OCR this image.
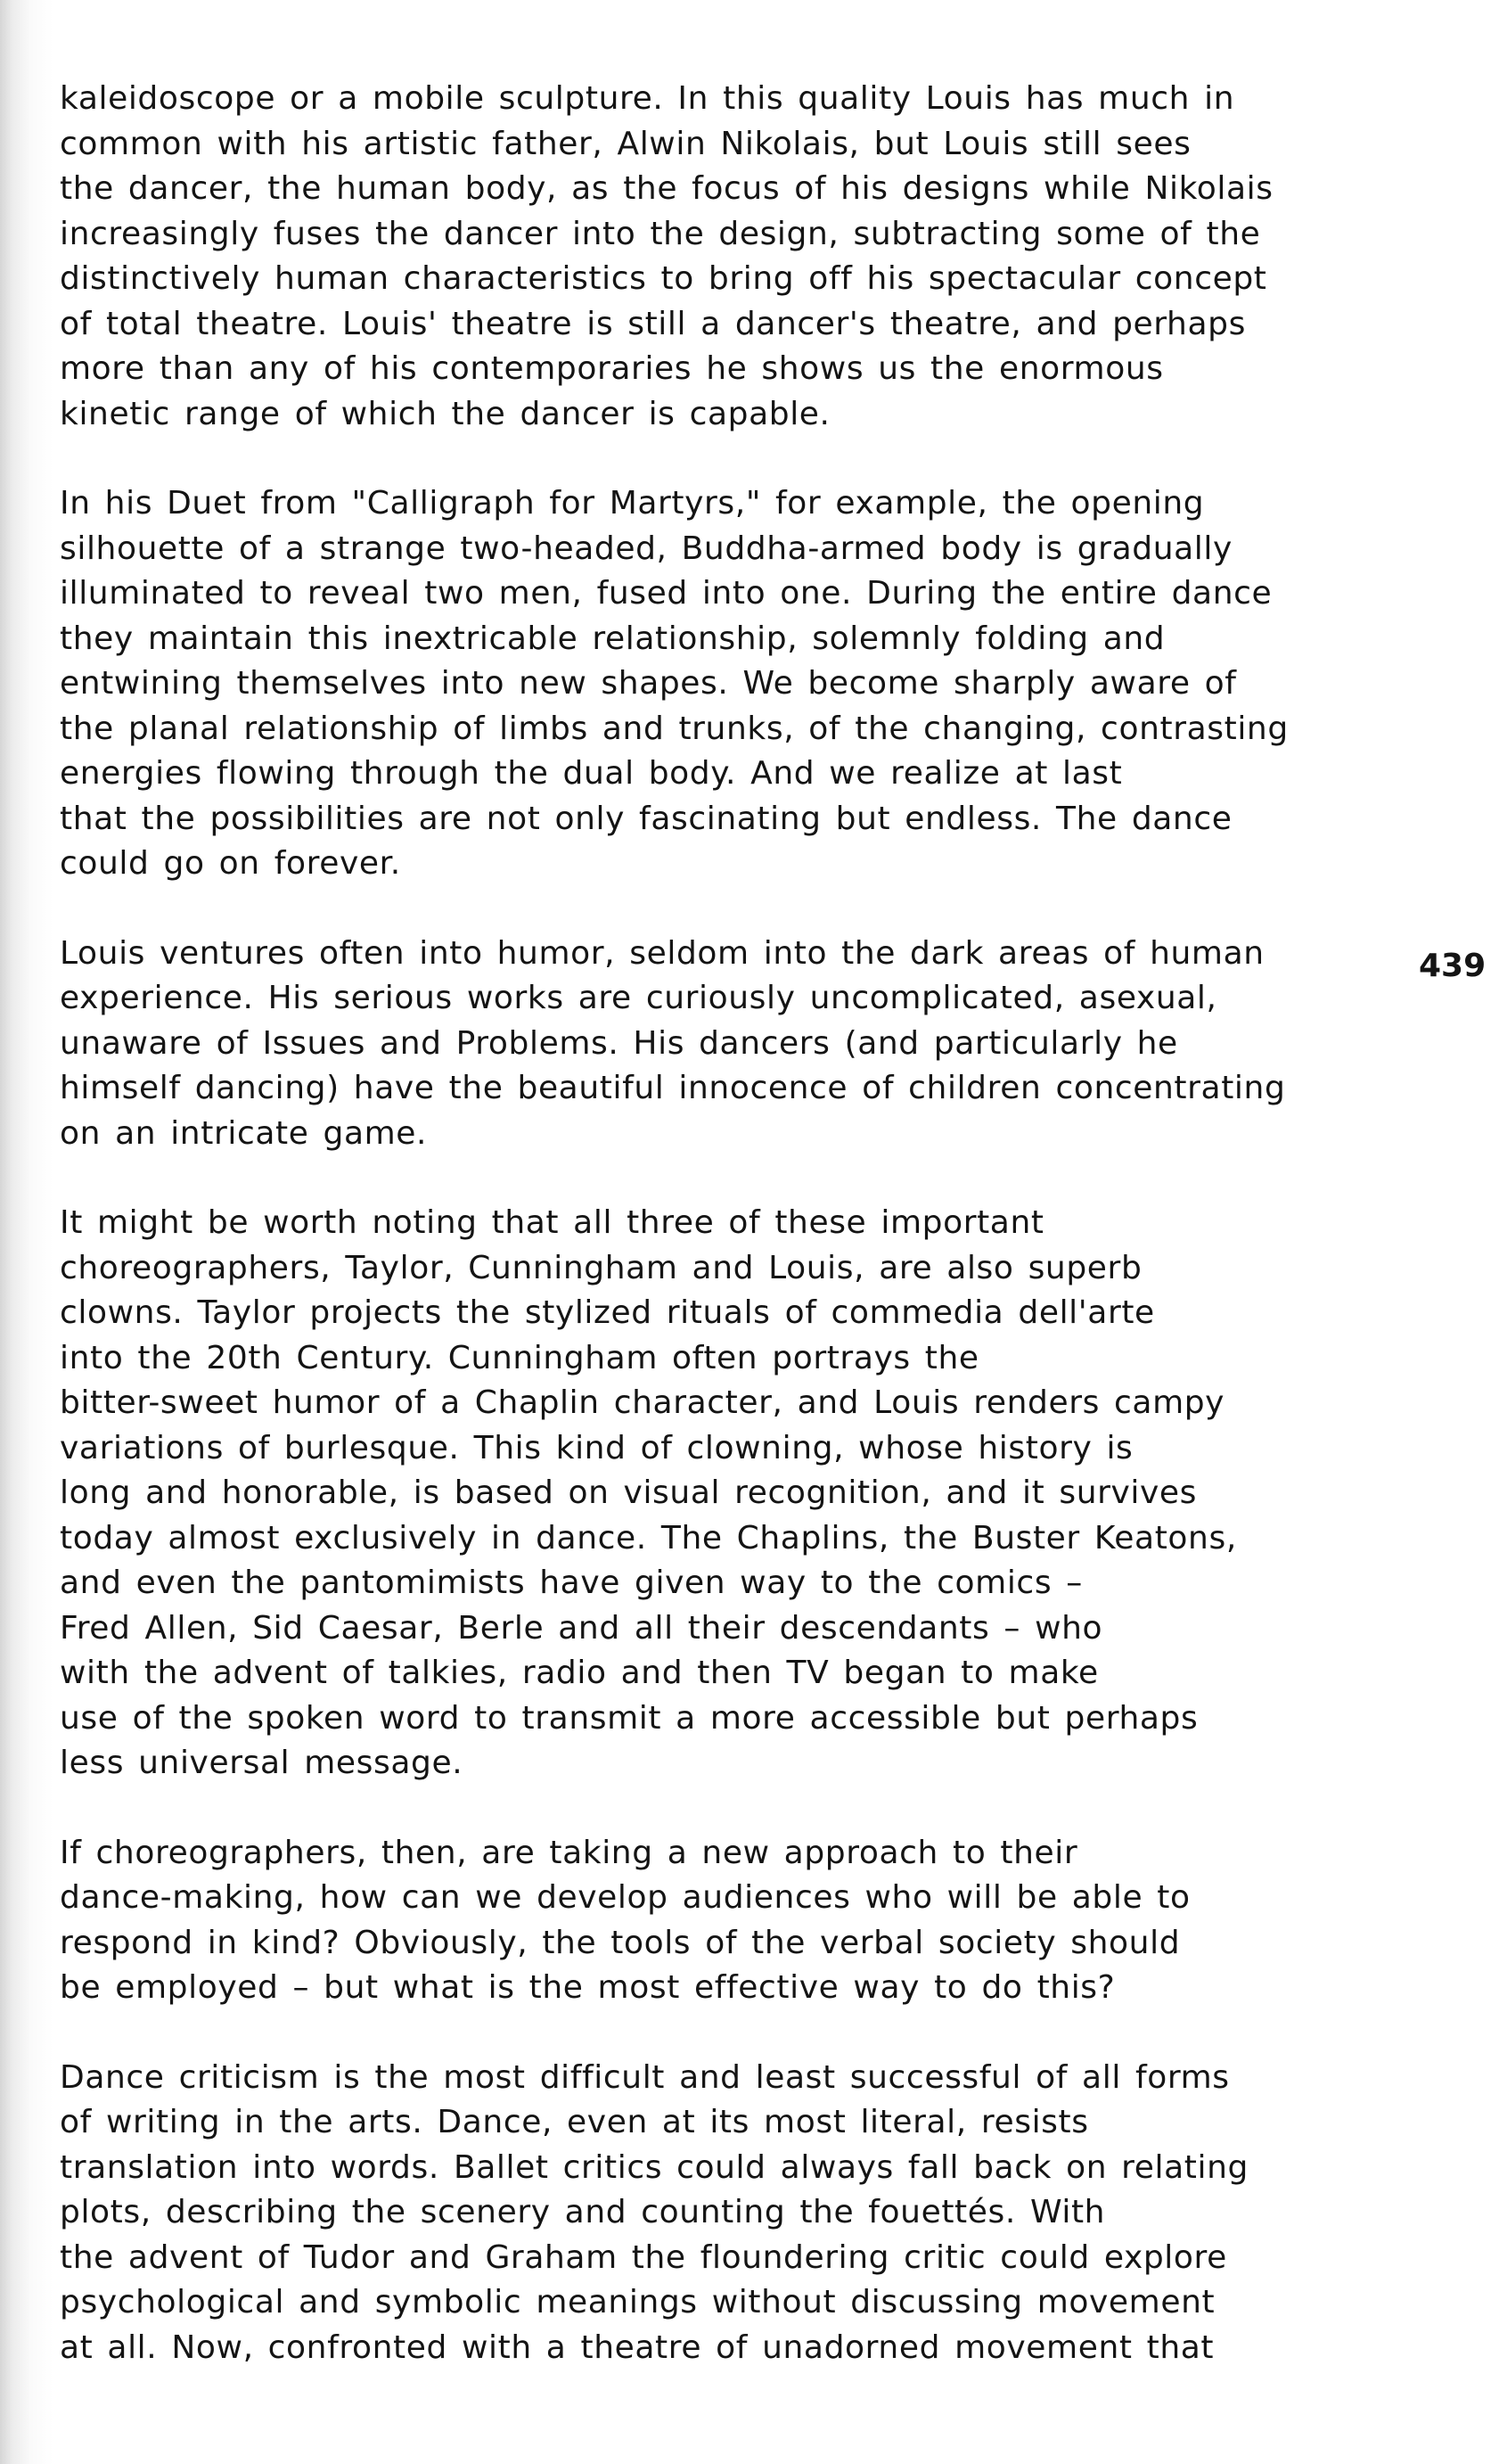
kaleidoscope or a mobile sculpture. In this quality Louis has much in
common with his artistic father, Alwin Nikolais, but Louis still sees
the dancer, the human body, as the focus of his designs while Nikolais
increasingly fuses the dancer into the design, subtracting some of the
distinctively human characteristics to bring off his spectacular concept
of total theatre. Louis' theatre is still a dancer's theatre, and perhaps
more than any of his contemporaries he shows us the enormous
kinetic range of which the dancer is capable.
In his Duet from "Calligraph for Martyrs," for example, the opening
silhouette of a strange two-headed, Buddha-armed body is gradually
illuminated to reveal two men, fused into one. During the entire dance
they maintain this inextricable relationship, solemnly folding and
entwining themselves into new shapes. We become sharply aware of
the planal relationship of limbs and trunks, of the changing, contrasting
energies flowing through the dual body. And we realize at last
that the possibilities are not only fascinating but endless. The dance
could go on forever.
Louis ventures often into humor, seldom into the dark areas of human
experience. His serious works are curiously uncomplicated, asexual,
unaware of Issues and Problems. His dancers (and particularly he
himself dancing) have the beautiful innocence of children concentrating
on an intricate game.
It might be worth noting that all three of these important
choreographers, Taylor, Cunningham and Louis, are also superb
clowns. Taylor projects the stylized rituals of commedia dell'arte
into the 20th Century. Cunningham often portrays the
bitter-sweet humor of a Chaplin character, and Louis renders campy
variations of burlesque. This kind of clowning, whose history is
long and honorable, is based on visual recognition, and it survives
today almost exclusively in dance. The Chaplins, the Buster Keatons,
and even the pantomimists have given way to the comics –
Fred Allen, Sid Caesar, Berle and all their descendants – who
with the advent of talkies, radio and then TV began to make
use of the spoken word to transmit a more accessible but perhaps
less universal message.
If choreographers, then, are taking a new approach to their
dance-making, how can we develop audiences who will be able to
respond in kind? Obviously, the tools of the verbal society should
be employed – but what is the most effective way to do this?
Dance criticism is the most difficult and least successful of all forms
of writing in the arts. Dance, even at its most literal, resists
translation into words. Ballet critics could always fall back on relating
plots, describing the scenery and counting the fouettés. With
the advent of Tudor and Graham the floundering critic could explore
psychological and symbolic meanings without discussing movement
at all. Now, confronted with a theatre of unadorned movement that
439
